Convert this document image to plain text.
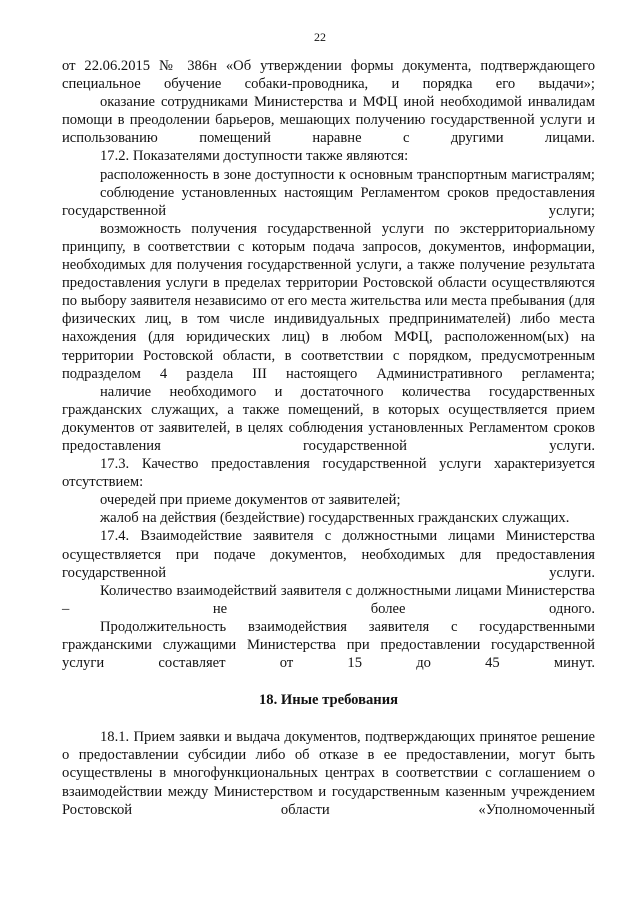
22

от 22.06.2015 № 386н «Об утверждении формы документа, подтверждающего специальное обучение собаки-проводника, и порядка его выдачи»;

оказание сотрудниками Министерства и МФЦ иной необходимой инвалидам помощи в преодолении барьеров, мешающих получению государственной услуги и использованию помещений наравне с другими лицами.

17.2. Показателями доступности также являются:

расположенность в зоне доступности к основным транспортным магистралям;

соблюдение установленных настоящим Регламентом сроков предоставления государственной услуги;

возможность получения государственной услуги по экстерриториальному принципу, в соответствии с которым подача запросов, документов, информации, необходимых для получения государственной услуги, а также получение результата предоставления услуги в пределах территории Ростовской области осуществляются по выбору заявителя независимо от его места жительства или места пребывания (для физических лиц, в том числе индивидуальных предпринимателей) либо места нахождения (для юридических лиц) в любом МФЦ, расположенном(ых) на территории Ростовской области, в соответствии с порядком, предусмотренным подразделом 4 раздела III настоящего Административного регламента;

наличие необходимого и достаточного количества государственных гражданских служащих, а также помещений, в которых осуществляется прием документов от заявителей, в целях соблюдения установленных Регламентом сроков предоставления государственной услуги.

17.3. Качество предоставления государственной услуги характеризуется отсутствием:

очередей при приеме документов от заявителей;

жалоб на действия (бездействие) государственных гражданских служащих.

17.4. Взаимодействие заявителя с должностными лицами Министерства осуществляется при подаче документов, необходимых для предоставления государственной услуги.

Количество взаимодействий заявителя с должностными лицами Министерства – не более одного.

Продолжительность взаимодействия заявителя с государственными гражданскими служащими Министерства при предоставлении государственной услуги составляет от 15 до 45 минут.

18. Иные требования

18.1. Прием заявки и выдача документов, подтверждающих принятое решение о предоставлении субсидии либо об отказе в ее предоставлении, могут быть осуществлены в многофункциональных центрах в соответствии с соглашением о взаимодействии между Министерством и государственным казенным учреждением Ростовской области «Уполномоченный
